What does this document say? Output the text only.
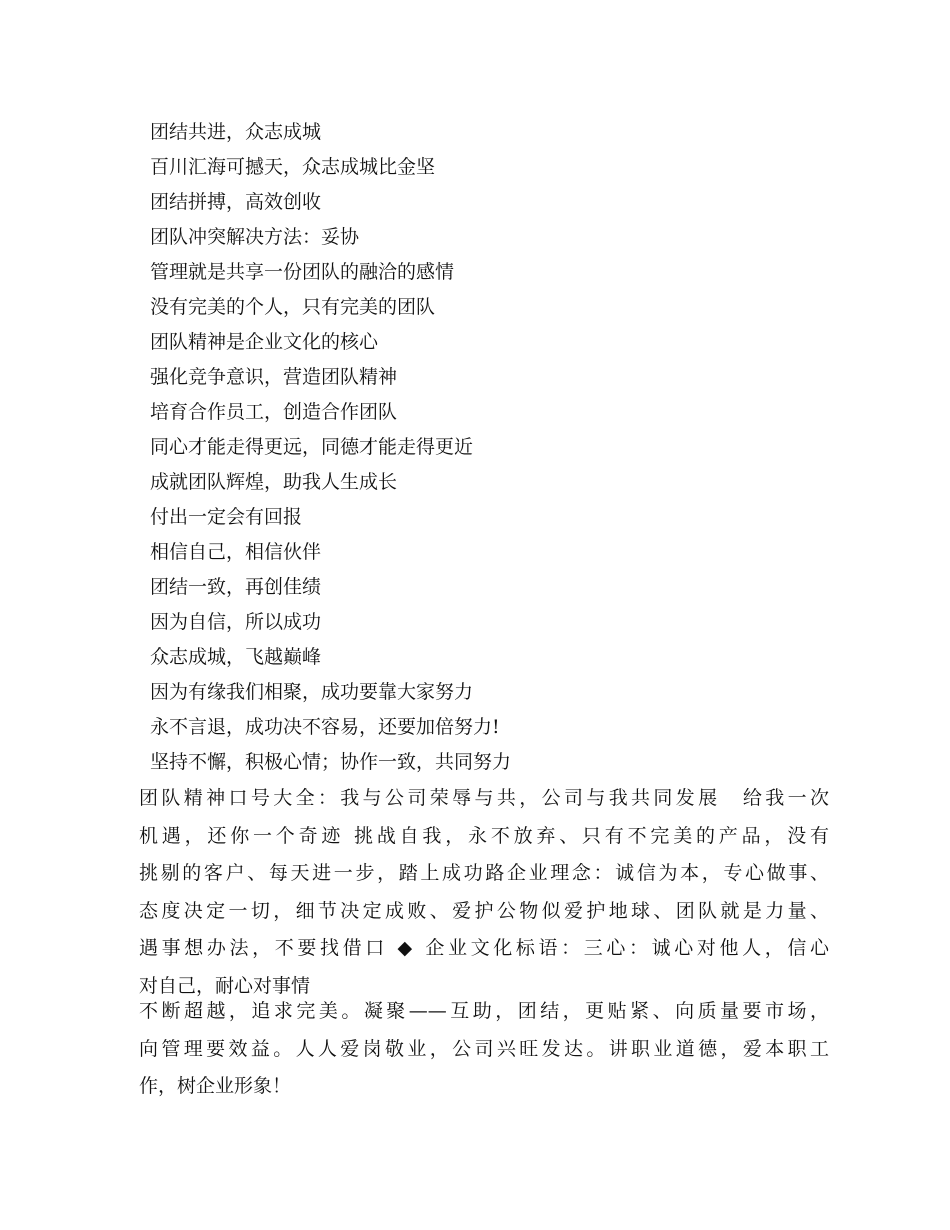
团结共进，众志成城
百川汇海可撼天，众志成城比金坚
团结拼搏，高效创收
团队冲突解决方法：妥协
管理就是共享一份团队的融洽的感情
没有完美的个人，只有完美的团队
团队精神是企业文化的核心
强化竞争意识，营造团队精神
培育合作员工，创造合作团队
同心才能走得更远，同德才能走得更近
成就团队辉煌，助我人生成长
付出一定会有回报
相信自己，相信伙伴
团结一致，再创佳绩
因为自信，所以成功
众志成城，飞越巅峰
因为有缘我们相聚，成功要靠大家努力
永不言退，成功决不容易，还要加倍努力!
坚持不懈，积极心情；协作一致，共同努力

团队精神口号大全：我与公司荣辱与共，公司与我共同发展　给我一次
机遇，还你一个奇迹 挑战自我，永不放弃、只有不完美的产品，没有
挑剔的客户、每天进一步，踏上成功路企业理念：诚信为本，专心做事、
态度决定一切，细节决定成败、爱护公物似爱护地球、团队就是力量、
遇事想办法，不要找借口 ◆ 企业文化标语：三心：诚心对他人，信心
对自己，耐心对事情

不断超越，追求完美。凝聚——互助，团结，更贴紧、向质量要市场，
向管理要效益。人人爱岗敬业，公司兴旺发达。讲职业道德，爱本职工
作，树企业形象！
